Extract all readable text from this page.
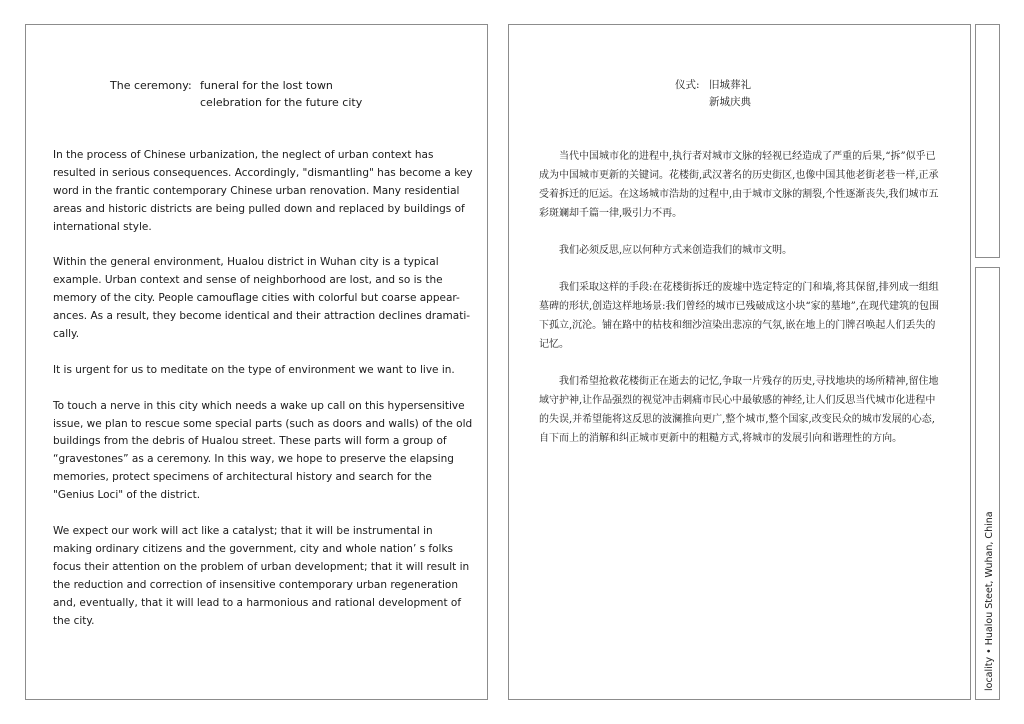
The ceremony: funeral for the lost town
celebration for the future city

In the process of Chinese urbanization, the neglect of urban context has resulted in serious consequences. Accordingly, "dismantling" has become a key word in the frantic contemporary Chinese urban renovation. Many residential areas and historic districts are being pulled down and replaced by buildings of international style.

Within the general environment, Hualou district in Wuhan city is a typical example. Urban context and sense of neighborhood are lost, and so is the memory of the city. People camouflage cities with colorful but coarse appear-ances. As a result, they become identical and their attraction declines dramati-cally.

It is urgent for us to meditate on the type of environment we want to live in.

To touch a nerve in this city which needs a wake up call on this hypersensitive issue, we plan to rescue some special parts (such as doors and walls) of the old buildings from the debris of Hualou street. These parts will form a group of “gravestones” as a ceremony. In this way, we hope to preserve the elapsing memories, protect specimens of architectural history and search for the "Genius Loci" of the district.

We expect our work will act like a catalyst; that it will be instrumental in making ordinary citizens and the government, city and whole nation’ s folks focus their attention on the problem of urban development; that it will result in the reduction and correction of insensitive contemporary urban regeneration and, eventually, that it will lead to a harmonious and rational development of the city.

仪式: 旧城葬礼
新城庆典

当代中国城市化的进程中,执行者对城市文脉的轻视已经造成了严重的后果,“拆”似乎已成为中国城市更新的关键词。花楼街,武汉著名的历史街区,也像中国其他老街老巷一样,正承受着拆迁的厄运。在这场城市浩劫的过程中,由于城市文脉的割裂,个性逐渐丧失,我们城市五彩斑斓却千篇一律,吸引力不再。

我们必须反思,应以何种方式来创造我们的城市文明。

我们采取这样的手段:在花楼街拆迁的废墟中选定特定的门和墙,将其保留,排列成一组组墓碑的形状,创造这样地场景:我们曾经的城市已残破成这小块“家的墓地”,在现代建筑的包围下孤立,沉沦。铺在路中的枯枝和细沙渲染出悲凉的气氛,嵌在地上的门牌召唤起人们丢失的记忆。

我们希望抢救花楼街正在逝去的记忆,争取一片残存的历史,寻找地块的场所精神,留住地域守护神,让作品强烈的视觉冲击刺痛市民心中最敏感的神经,让人们反思当代城市化进程中的失误,并希望能将这反思的波澜推向更广,整个城市,整个国家,改变民众的城市发展的心态,自下而上的消解和纠正城市更新中的粗糙方式,将城市的发展引向和谐理性的方向。

locality • Hualou Steet, Wuhan, China
